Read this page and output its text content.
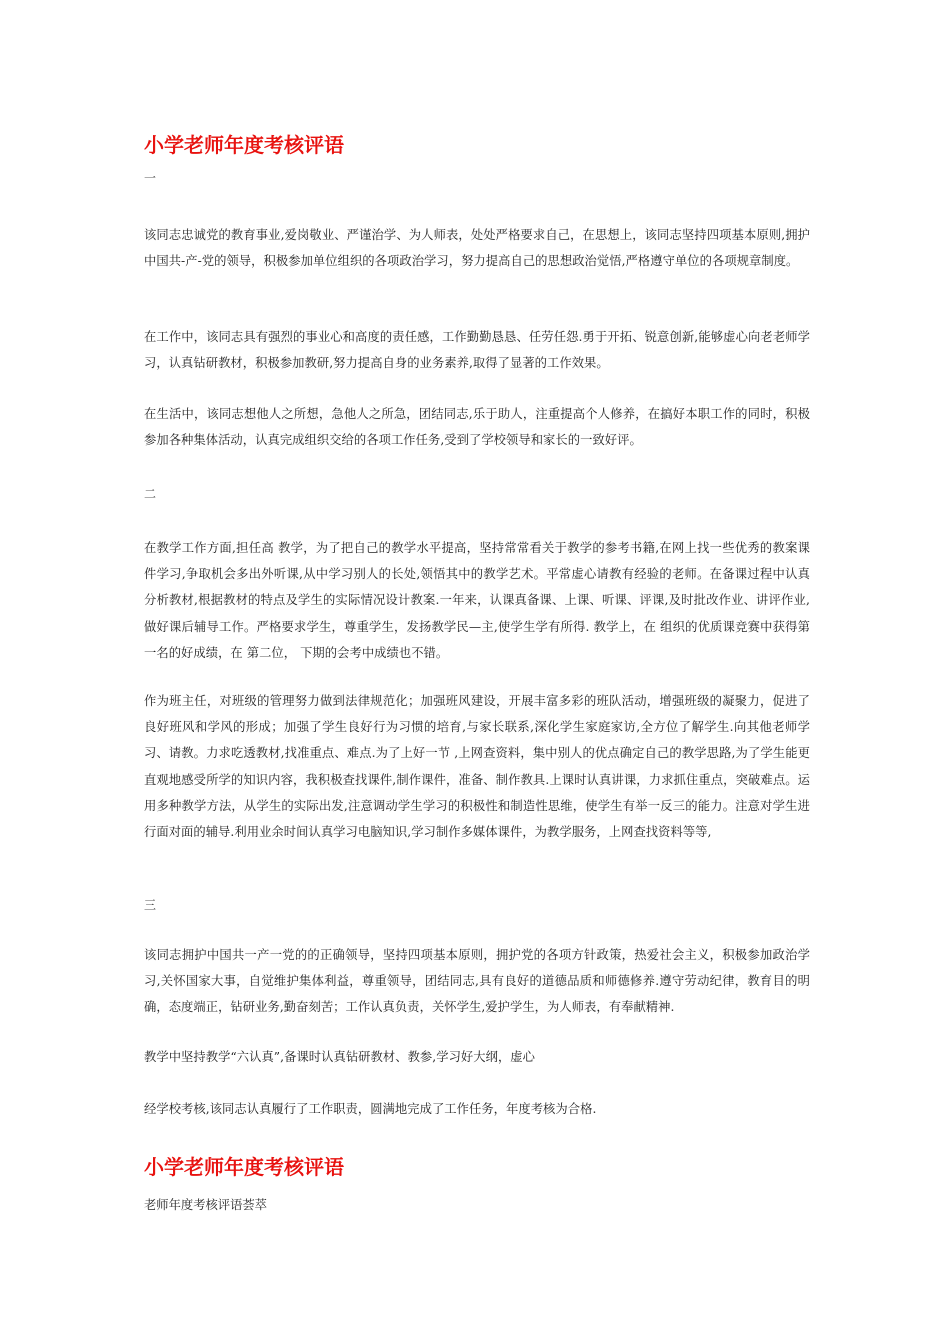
小学老师年度考核评语
一

该同志忠诚党的教育事业,爱岗敬业、严谨治学、为人师表，处处严格要求自己，在思想上，该同志坚持四项基本原则,拥护中国共-产-党的领导，积极参加单位组织的各项政治学习，努力提高自己的思想政治觉悟,严格遵守单位的各项规章制度。

在工作中，该同志具有强烈的事业心和高度的责任感，工作勤勤恳恳、任劳任怨.勇于开拓、锐意创新,能够虚心向老老师学习，认真钻研教材，积极参加教研,努力提高自身的业务素养,取得了显著的工作效果。

在生活中，该同志想他人之所想，急他人之所急，团结同志,乐于助人，注重提高个人修养，在搞好本职工作的同时，积极参加各种集体活动，认真完成组织交给的各项工作任务,受到了学校领导和家长的一致好评。

二

在教学工作方面,担任高 教学，为了把自己的教学水平提高，坚持常常看关于教学的参考书籍,在网上找一些优秀的教案课件学习,争取机会多出外听课,从中学习别人的长处,领悟其中的教学艺术。平常虚心请教有经验的老师。在备课过程中认真分析教材,根据教材的特点及学生的实际情况设计教案.一年来，认课真备课、上课、听课、评课,及时批改作业、讲评作业,做好课后辅导工作。严格要求学生，尊重学生，发扬教学民—主,使学生学有所得. 教学上，在 组织的优质课竞赛中获得第一名的好成绩，在 第二位， 下期的会考中成绩也不错。

作为班主任，对班级的管理努力做到法律规范化；加强班风建设，开展丰富多彩的班队活动，增强班级的凝聚力，促进了良好班风和学风的形成；加强了学生良好行为习惯的培育,与家长联系,深化学生家庭家访,全方位了解学生.向其他老师学习、请教。力求吃透教材,找准重点、难点.为了上好一节 ,上网查资料，集中别人的优点确定自己的教学思路,为了学生能更直观地感受所学的知识内容，我积极查找课件,制作课件，准备、制作教具.上课时认真讲课，力求抓住重点，突破难点。运用多种教学方法，从学生的实际出发,注意调动学生学习的积极性和制造性思维，使学生有举一反三的能力。注意对学生进行面对面的辅导.利用业余时间认真学习电脑知识,学习制作多媒体课件，为教学服务，上网查找资料等等,

三

该同志拥护中国共一产一党的的正确领导，坚持四项基本原则，拥护党的各项方针政策，热爱社会主义，积极参加政治学习,关怀国家大事，自觉维护集体利益，尊重领导，团结同志,具有良好的道德品质和师德修养.遵守劳动纪律，教育目的明确，态度端正，钻研业务,勤奋刻苦；工作认真负责，关怀学生,爱护学生，为人师表，有奉献精神.

教学中坚持教学“六认真”,备课时认真钻研教材、教参,学习好大纲，虚心

经学校考核,该同志认真履行了工作职责，圆满地完成了工作任务，年度考核为合格.

小学老师年度考核评语
老师年度考核评语荟萃
